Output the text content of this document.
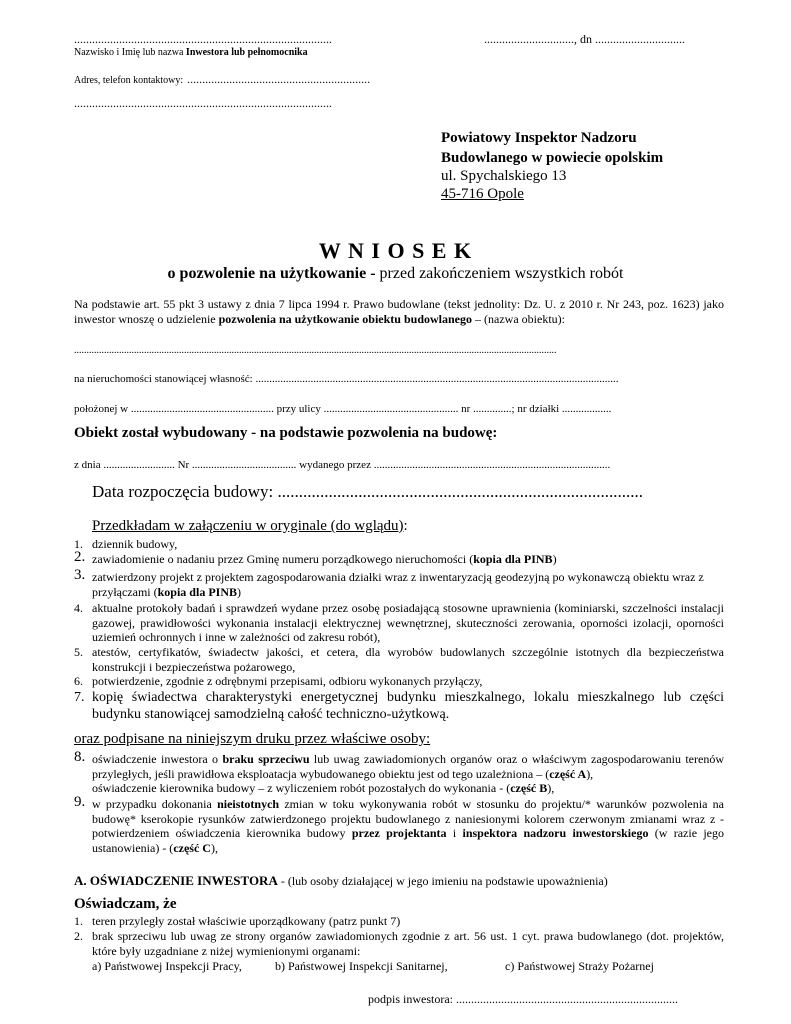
......................................................................................
Nazwisko i Imię lub nazwa Inwestora lub pełnomocnika
.............................., dn ..............................
Adres, telefon kontaktowy: .............................................................
......................................................................................
Powiatowy Inspektor Nadzoru
Budowlanego w powiecie opolskim
ul. Spychalskiego 13
45-716 Opole
W N I O S E K
o pozwolenie na użytkowanie - przed zakończeniem wszystkich robót
Na podstawie art. 55 pkt 3 ustawy z dnia 7 lipca 1994 r. Prawo budowlane (tekst jednolity: Dz. U. z 2010 r. Nr 243, poz. 1623) jako inwestor wnoszę o udzielenie pozwolenia na użytkowanie obiektu budowlanego – (nazwa obiektu):
.................................................................................................................................................................................................
na nieruchomości stanowiącej własność: ....................................................................................................................................
położonej w .................................................... przy ulicy ................................................. nr ..............; nr działki ..................
Obiekt został wybudowany - na podstawie pozwolenia na budowę:
z dnia .......................... Nr ...................................... wydanego przez ......................................................................................
Data rozpoczęcia budowy: ......................................................................................
Przedkładam w załączeniu w oryginale (do wglądu):
1. dziennik budowy,
2. zawiadomienie o nadaniu przez Gminę numeru porządkowego nieruchomości (kopia dla PINB)
3. zatwierdzony projekt z projektem zagospodarowania działki wraz z inwentaryzacją geodezyjną po wykonawczą obiektu wraz z przyłączami (kopia dla PINB)
4. aktualne protokoły badań i sprawdzeń wydane przez osobę posiadającą stosowne uprawnienia (kominiarski, szczelności instalacji gazowej, prawidłowości wykonania instalacji elektrycznej wewnętrznej, skuteczności zerowania, oporności izolacji, oporności uziemień ochronnych i inne w zależności od zakresu robót),
5. atestów, certyfikatów, świadectw jakości, et cetera, dla wyrobów budowlanych szczególnie istotnych dla bezpieczeństwa konstrukcji i bezpieczeństwa pożarowego,
6. potwierdzenie, zgodnie z odrębnymi przepisami, odbioru wykonanych przyłączy,
7. kopię świadectwa charakterystyki energetycznej budynku mieszkalnego, lokalu mieszkalnego lub części budynku stanowiącej samodzielną całość techniczno-użytkową.
oraz podpisane na niniejszym druku przez właściwe osoby:
8. oświadczenie inwestora o braku sprzeciwu lub uwag zawiadomionych organów oraz o właściwym zagospodarowaniu terenów przyległych, jeśli prawidłowa eksploatacja wybudowanego obiektu jest od tego uzależniona – (część A),
oświadczenie kierownika budowy – z wyliczeniem robót pozostałych do wykonania - (część B),
9. w przypadku dokonania nieistotnych zmian w toku wykonywania robót w stosunku do projektu/* warunków pozwolenia na budowę* kserokopie rysunków zatwierdzonego projektu budowlanego z naniesionymi kolorem czerwonym zmianami wraz z -potwierdzeniem oświadczenia kierownika budowy przez projektanta i inspektora nadzoru inwestorskiego (w razie jego ustanowienia) - (część C),
A. OŚWIADCZENIE INWESTORA - (lub osoby działającej w jego imieniu na podstawie upoważnienia)
Oświadczam, że
1. teren przyległy został właściwie uporządkowany (patrz punkt 7)
2. brak sprzeciwu lub uwag ze strony organów zawiadomionych zgodnie z art. 56 ust. 1 cyt. prawa budowlanego (dot. projektów, które były uzgadniane z niżej wymienionymi organami:
a) Państwowej Inspekcji Pracy,	b) Państwowej Inspekcji Sanitarnej,	c) Państwowej Straży Pożarnej
podpis inwestora: ..........................................................................
